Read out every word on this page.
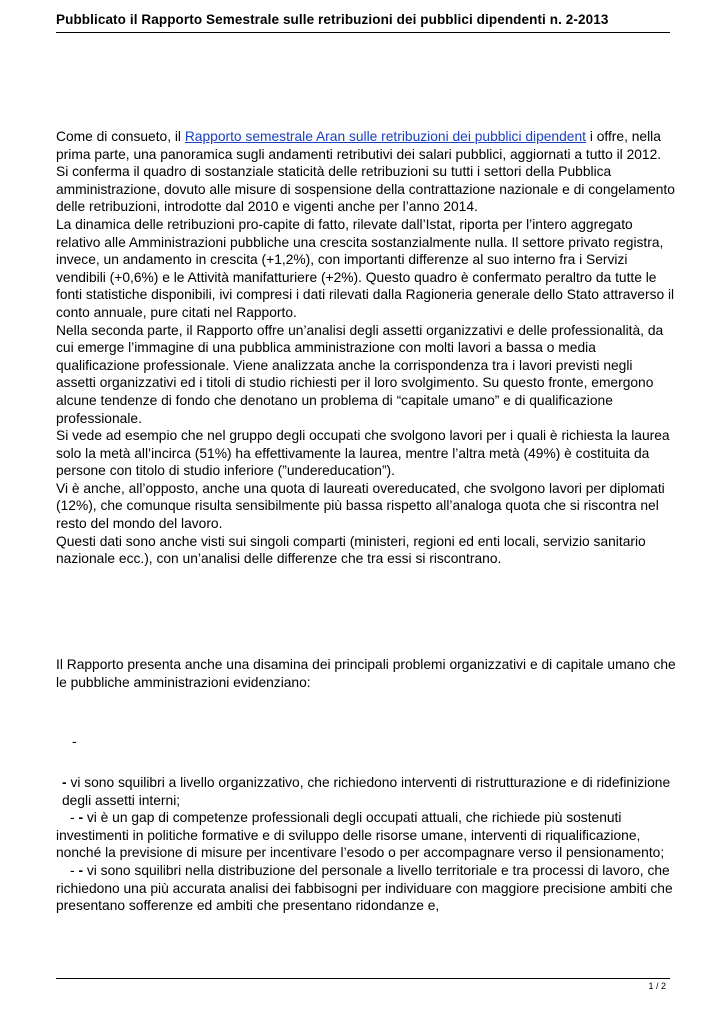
Pubblicato il Rapporto Semestrale sulle retribuzioni dei pubblici dipendenti n. 2-2013

Come di consueto, il Rapporto semestrale Aran sulle retribuzioni dei pubblici dipendent i offre, nella prima parte, una panoramica sugli andamenti retributivi dei salari pubblici, aggiornati a tutto il 2012.

Si conferma il quadro di sostanziale staticità delle retribuzioni su tutti i settori della Pubblica amministrazione, dovuto alle misure di sospensione della contrattazione nazionale e di congelamento delle retribuzioni, introdotte dal 2010 e vigenti anche per l’anno 2014.

La dinamica delle retribuzioni pro-capite di fatto, rilevate dall’Istat, riporta per l’intero aggregato relativo alle Amministrazioni pubbliche una crescita sostanzialmente nulla. Il settore privato registra, invece, un andamento in crescita (+1,2%), con importanti differenze al suo interno fra i Servizi vendibili (+0,6%) e le Attività manifatturiere (+2%). Questo quadro è confermato peraltro da tutte le fonti statistiche disponibili, ivi compresi i dati rilevati dalla Ragioneria generale dello Stato attraverso il conto annuale, pure citati nel Rapporto.

Nella seconda parte, il Rapporto offre un’analisi degli assetti organizzativi e delle professionalità, da cui emerge l’immagine di una pubblica amministrazione con molti lavori a bassa o media qualificazione professionale. Viene analizzata anche la corrispondenza tra i lavori previsti negli assetti organizzativi ed i titoli di studio richiesti per il loro svolgimento. Su questo fronte, emergono alcune tendenze di fondo che denotano un problema di “capitale umano” e di qualificazione professionale.

Si vede ad esempio che nel gruppo degli occupati che svolgono lavori per i quali è richiesta la laurea solo la metà all’incirca (51%) ha effettivamente la laurea, mentre l’altra metà (49%) è costituita da persone con titolo di studio inferiore (”undereducation”).

Vi è anche, all’opposto, anche una quota di laureati overeducated, che svolgono lavori per diplomati (12%), che comunque risulta sensibilmente più bassa rispetto all’analoga quota che si riscontra nel resto del mondo del lavoro.

Questi dati sono anche visti sui singoli comparti (ministeri, regioni ed enti locali, servizio sanitario nazionale ecc.), con un’analisi delle differenze che tra essi si riscontrano.

Il Rapporto presenta anche una disamina dei principali problemi organizzativi e di capitale umano che le pubbliche amministrazioni evidenziano:

-

- vi sono squilibri a livello organizzativo, che richiedono interventi di ristrutturazione e di ridefinizione degli assetti interni;

- - vi è un gap di competenze professionali degli occupati attuali, che richiede più sostenuti investimenti in politiche formative e di sviluppo delle risorse umane, interventi di riqualificazione, nonché la previsione di misure per incentivare l’esodo o per accompagnare verso il pensionamento;

- - vi sono squilibri nella distribuzione del personale a livello territoriale e tra processi di lavoro, che richiedono una più accurata analisi dei fabbisogni per individuare con maggiore precisione ambiti che presentano sofferenze ed ambiti che presentano ridondanze e,

1 / 2
